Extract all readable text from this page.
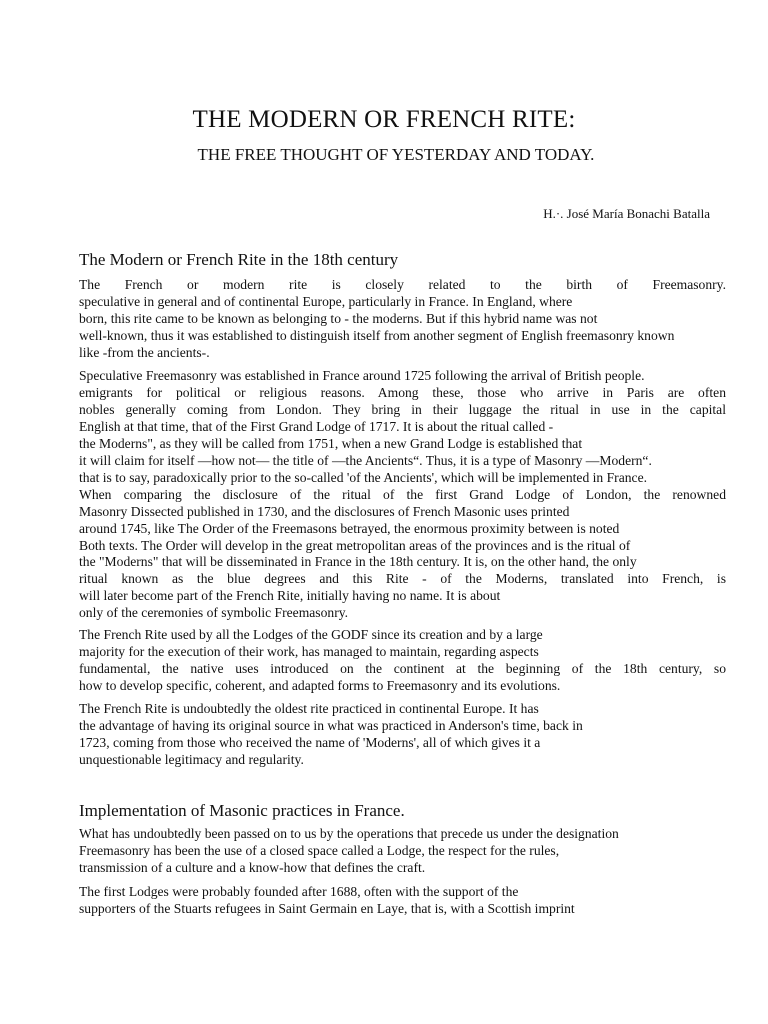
THE MODERN OR FRENCH RITE:
THE FREE THOUGHT OF YESTERDAY AND TODAY.
H.·. José María Bonachi Batalla
The Modern or French Rite in the 18th century
The French or modern rite is closely related to the birth of Freemasonry.
speculative in general and of continental Europe, particularly in France. In England, where
born, this rite came to be known as belonging to - the moderns. But if this hybrid name was not
well-known, thus it was established to distinguish itself from another segment of English freemasonry known
like -from the ancients-.
Speculative Freemasonry was established in France around 1725 following the arrival of British people.
emigrants for political or religious reasons. Among these, those who arrive in Paris are often
nobles generally coming from London. They bring in their luggage the ritual in use in the capital
English at that time, that of the First Grand Lodge of 1717. It is about the ritual called -
the Moderns", as they will be called from 1751, when a new Grand Lodge is established that
it will claim for itself —how not— the title of —the Ancients“. Thus, it is a type of Masonry —Modern“.
that is to say, paradoxically prior to the so-called 'of the Ancients', which will be implemented in France.
When comparing the disclosure of the ritual of the first Grand Lodge of London, the renowned
Masonry Dissected published in 1730, and the disclosures of French Masonic uses printed
around 1745, like The Order of the Freemasons betrayed, the enormous proximity between is noted
Both texts. The Order will develop in the great metropolitan areas of the provinces and is the ritual of
the "Moderns" that will be disseminated in France in the 18th century. It is, on the other hand, the only
ritual known as the blue degrees and this Rite - of the Moderns, translated into French, is
will later become part of the French Rite, initially having no name. It is about
only of the ceremonies of symbolic Freemasonry.
The French Rite used by all the Lodges of the GODF since its creation and by a large
majority for the execution of their work, has managed to maintain, regarding aspects
fundamental, the native uses introduced on the continent at the beginning of the 18th century, so
how to develop specific, coherent, and adapted forms to Freemasonry and its evolutions.
The French Rite is undoubtedly the oldest rite practiced in continental Europe. It has
the advantage of having its original source in what was practiced in Anderson's time, back in
1723, coming from those who received the name of 'Moderns', all of which gives it a
unquestionable legitimacy and regularity.
Implementation of Masonic practices in France.
What has undoubtedly been passed on to us by the operations that precede us under the designation
Freemasonry has been the use of a closed space called a Lodge, the respect for the rules,
transmission of a culture and a know-how that defines the craft.
The first Lodges were probably founded after 1688, often with the support of the
supporters of the Stuarts refugees in Saint Germain en Laye, that is, with a Scottish imprint
